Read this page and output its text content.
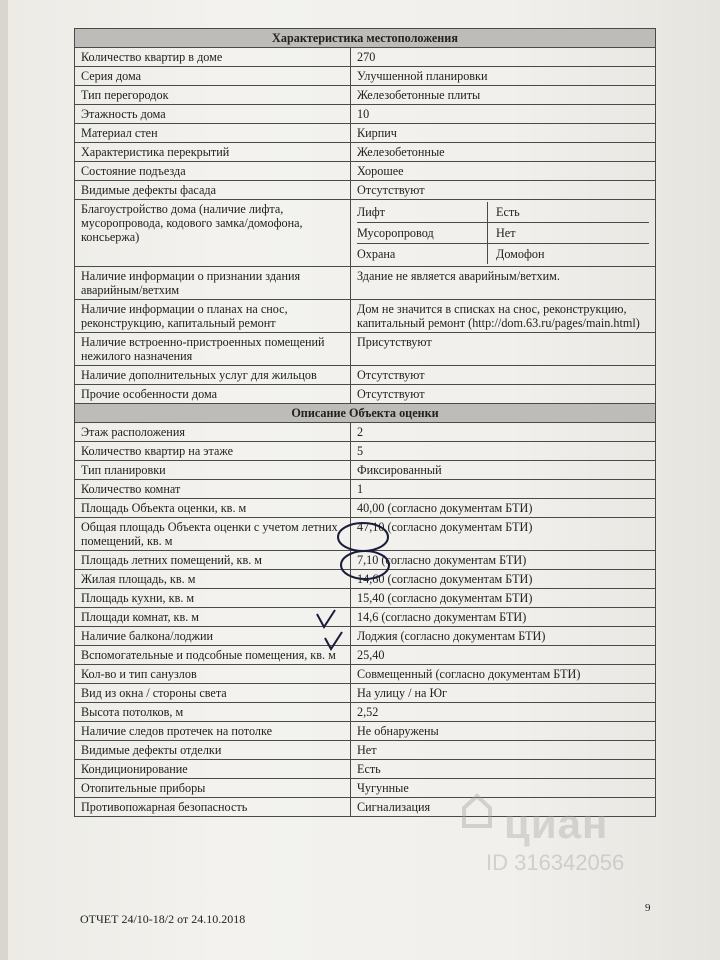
Характеристика местоположения
Количество квартир в доме	270
Серия дома	Улучшенной планировки
Тип перегородок	Железобетонные плиты
Этажность дома	10
Материал стен	Кирпич
Характеристика перекрытий	Железобетонные
Состояние подъезда	Хорошее
Видимые дефекты фасада	Отсутствуют
Благоустройство дома (наличие лифта, мусоропровода, кодового замка/домофона, консьержа)	
Лифт	Есть
Мусоропровод	Нет
Охрана	Домофон

Наличие информации о признании здания аварийным/ветхим	Здание не является аварийным/ветхим.
Наличие информации о планах на снос, реконструкцию, капитальный ремонт	Дом не значится в списках на снос, реконструкцию, капитальный ремонт (http://dom.63.ru/pages/main.html)
Наличие встроенно-пристроенных помещений нежилого назначения	Присутствуют
Наличие дополнительных услуг для жильцов	Отсутствуют
Прочие особенности дома	Отсутствуют
Описание Объекта оценки
Этаж расположения	2
Количество квартир на этаже	5
Тип планировки	Фиксированный
Количество комнат	1
Площадь Объекта оценки, кв. м	40,00 (согласно документам БТИ)
Общая площадь Объекта оценки с учетом летних помещений, кв. м	47,10 (согласно документам БТИ)
Площадь летних помещений, кв. м	7,10 (согласно документам БТИ)
Жилая площадь, кв. м	14,60 (согласно документам БТИ)
Площадь кухни, кв. м	15,40 (согласно документам БТИ)
Площади комнат, кв. м	14,6 (согласно документам БТИ)
Наличие балкона/лоджии	Лоджия (согласно документам БТИ)
Вспомогательные и подсобные помещения, кв. м	25,40
Кол-во и тип санузлов	Совмещенный (согласно документам БТИ)
Вид из окна / стороны света	На улицу / на Юг
Высота потолков, м	2,52
Наличие следов протечек на потолке	Не обнаружены
Видимые дефекты отделки	Нет
Кондиционирование	Есть
Отопительные приборы	Чугунные
Противопожарная безопасность	Сигнализация
ОТЧЕТ 24/10-18/2 от 24.10.2018
9
циан
ID 316342056
